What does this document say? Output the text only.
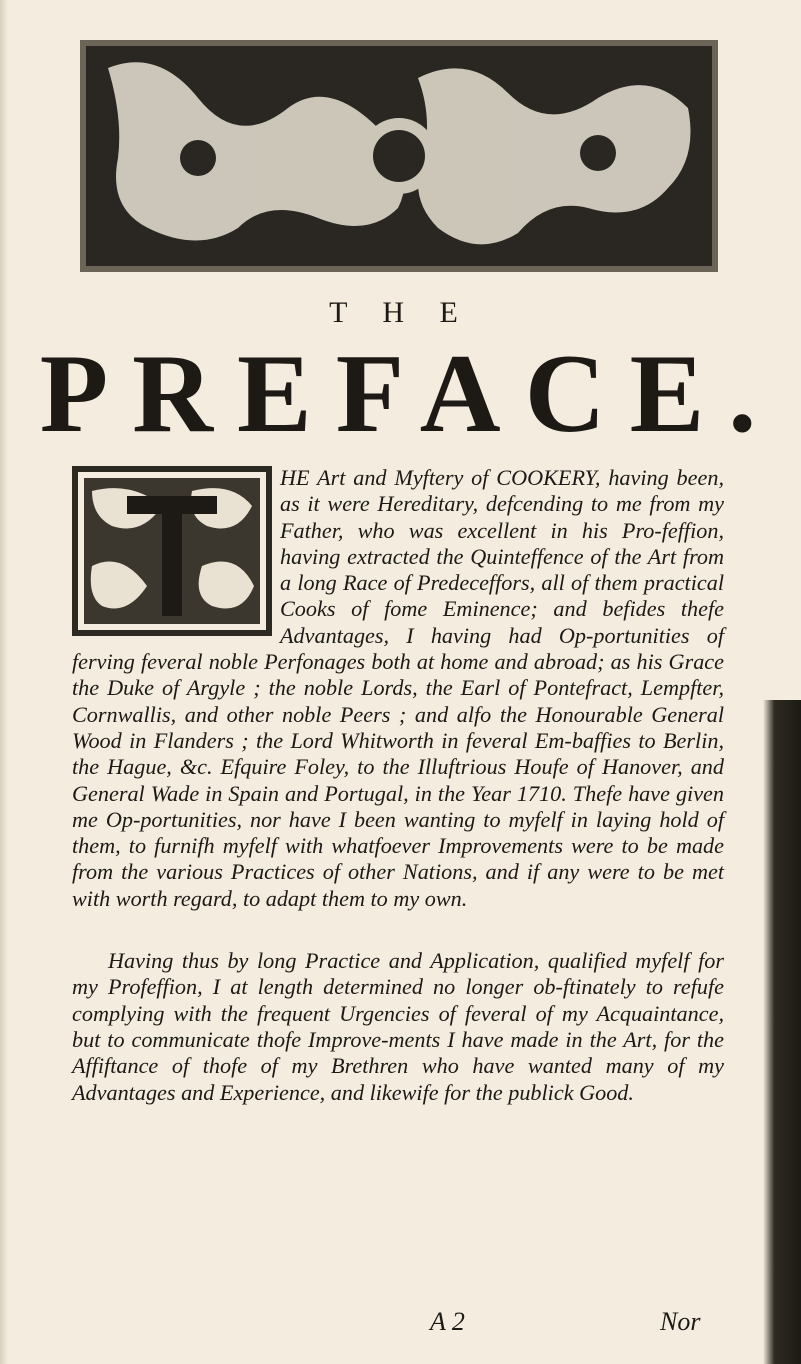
T H E
PREFACE.

HE Art and Myftery of COOKERY, having been, as it were Hereditary, defcending to me from my Father, who was excellent in his Pro-feffion, having extracted the Quinteffence of the Art from a long Race of Predeceffors, all of them practical Cooks of fome Eminence; and befides thefe Advantages, I having had Op-portunities of ferving feveral noble Perfonages both at home and abroad; as his Grace the Duke of Argyle ; the noble Lords, the Earl of Pontefract, Lempfter, Cornwallis, and other noble Peers ; and alfo the Honourable General Wood in Flanders ; the Lord Whitworth in feveral Em-baffies to Berlin, the Hague, &c. Efquire Foley, to the Illuftrious Houfe of Hanover, and General Wade in Spain and Portugal, in the Year 1710. Thefe have given me Op-portunities, nor have I been wanting to myfelf in laying hold of them, to furnifh myfelf with whatfoever Improvements were to be made from the various Practices of other Nations, and if any were to be met with worth regard, to adapt them to my own.

Having thus by long Practice and Application, qualified myfelf for my Profeffion, I at length determined no longer ob-ftinately to refufe complying with the frequent Urgencies of feveral of my Acquaintance, but to communicate thofe Improve-ments I have made in the Art, for the Affiftance of thofe of my Brethren who have wanted many of my Advantages and Experience, and likewife for the publick Good.

A 2	Nor
